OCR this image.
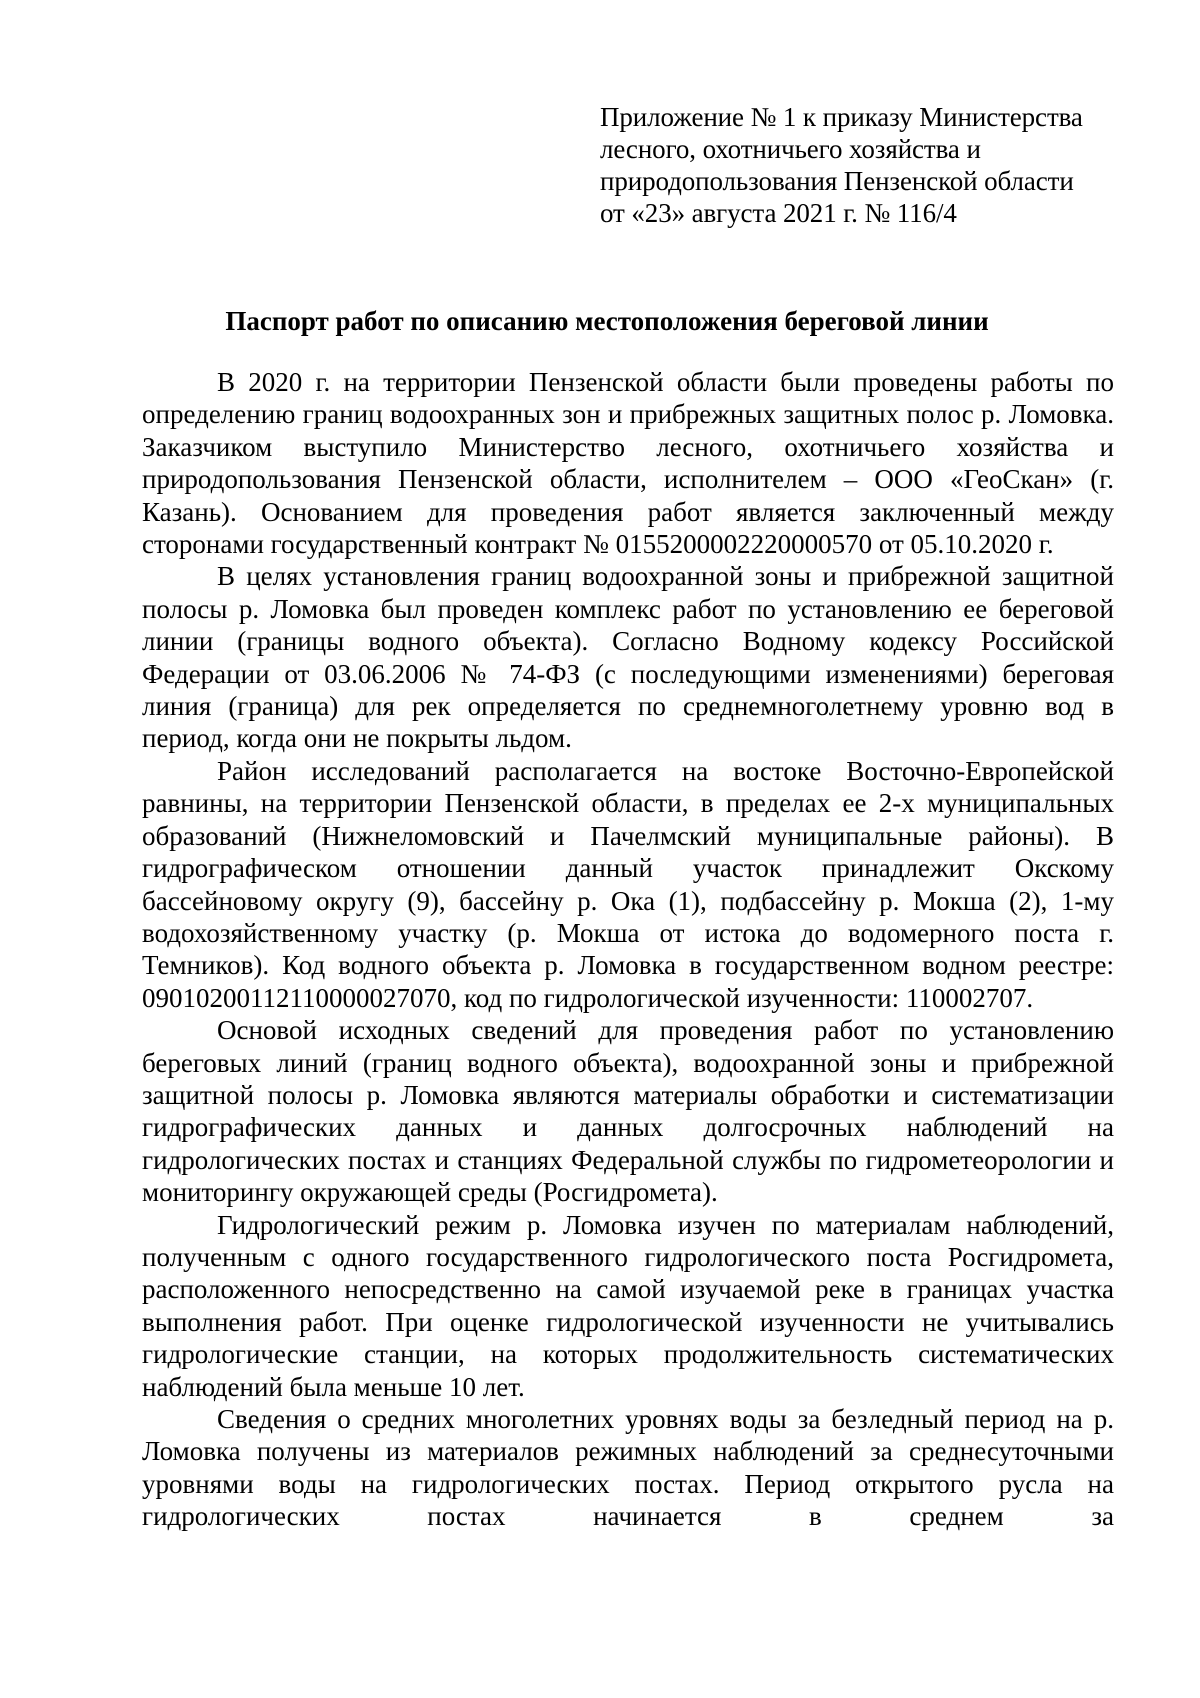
Приложение № 1 к приказу Министерства
лесного, охотничьего хозяйства и
природопользования Пензенской области
от «23» августа 2021 г. № 116/4
Паспорт работ по описанию местоположения береговой линии

В 2020 г. на территории Пензенской области были проведены работы по определению границ водоохранных зон и прибрежных защитных полос р. Ломовка. Заказчиком выступило Министерство лесного, охотничьего хозяйства и природопользования Пензенской области, исполнителем – ООО «ГеоСкан» (г. Казань). Основанием для проведения работ является заключенный между сторонами государственный контракт № 0155200002220000570 от 05.10.2020 г.

В целях установления границ водоохранной зоны и прибрежной защитной полосы р. Ломовка был проведен комплекс работ по установлению ее береговой линии (границы водного объекта). Согласно Водному кодексу Российской Федерации от 03.06.2006 № 74-ФЗ (с последующими изменениями) береговая линия (граница) для рек определяется по среднемноголетнему уровню вод в период, когда они не покрыты льдом.

Район исследований располагается на востоке Восточно-Европейской равнины, на территории Пензенской области, в пределах ее 2-х муниципальных образований (Нижнеломовский и Пачелмский муниципальные районы). В гидрографическом отношении данный участок принадлежит Окскому бассейновому округу (9), бассейну р. Ока (1), подбассейну р. Мокша (2), 1-му водохозяйственному участку (р. Мокша от истока до водомерного поста г. Темников). Код водного объекта р. Ломовка в государственном водном реестре: 09010200112110000027070, код по гидрологической изученности: 110002707.

Основой исходных сведений для проведения работ по установлению береговых линий (границ водного объекта), водоохранной зоны и прибрежной защитной полосы р. Ломовка являются материалы обработки и систематизации гидрографических данных и данных долгосрочных наблюдений на гидрологических постах и станциях Федеральной службы по гидрометеорологии и мониторингу окружающей среды (Росгидромета).

Гидрологический режим р. Ломовка изучен по материалам наблюдений, полученным с одного государственного гидрологического поста Росгидромета, расположенного непосредственно на самой изучаемой реке в границах участка выполнения работ. При оценке гидрологической изученности не учитывались гидрологические станции, на которых продолжительность систематических наблюдений была меньше 10 лет.

Сведения о средних многолетних уровнях воды за безледный период на р. Ломовка получены из материалов режимных наблюдений за среднесуточными уровнями воды на гидрологических постах. Период открытого русла на гидрологических постах начинается в среднем за
